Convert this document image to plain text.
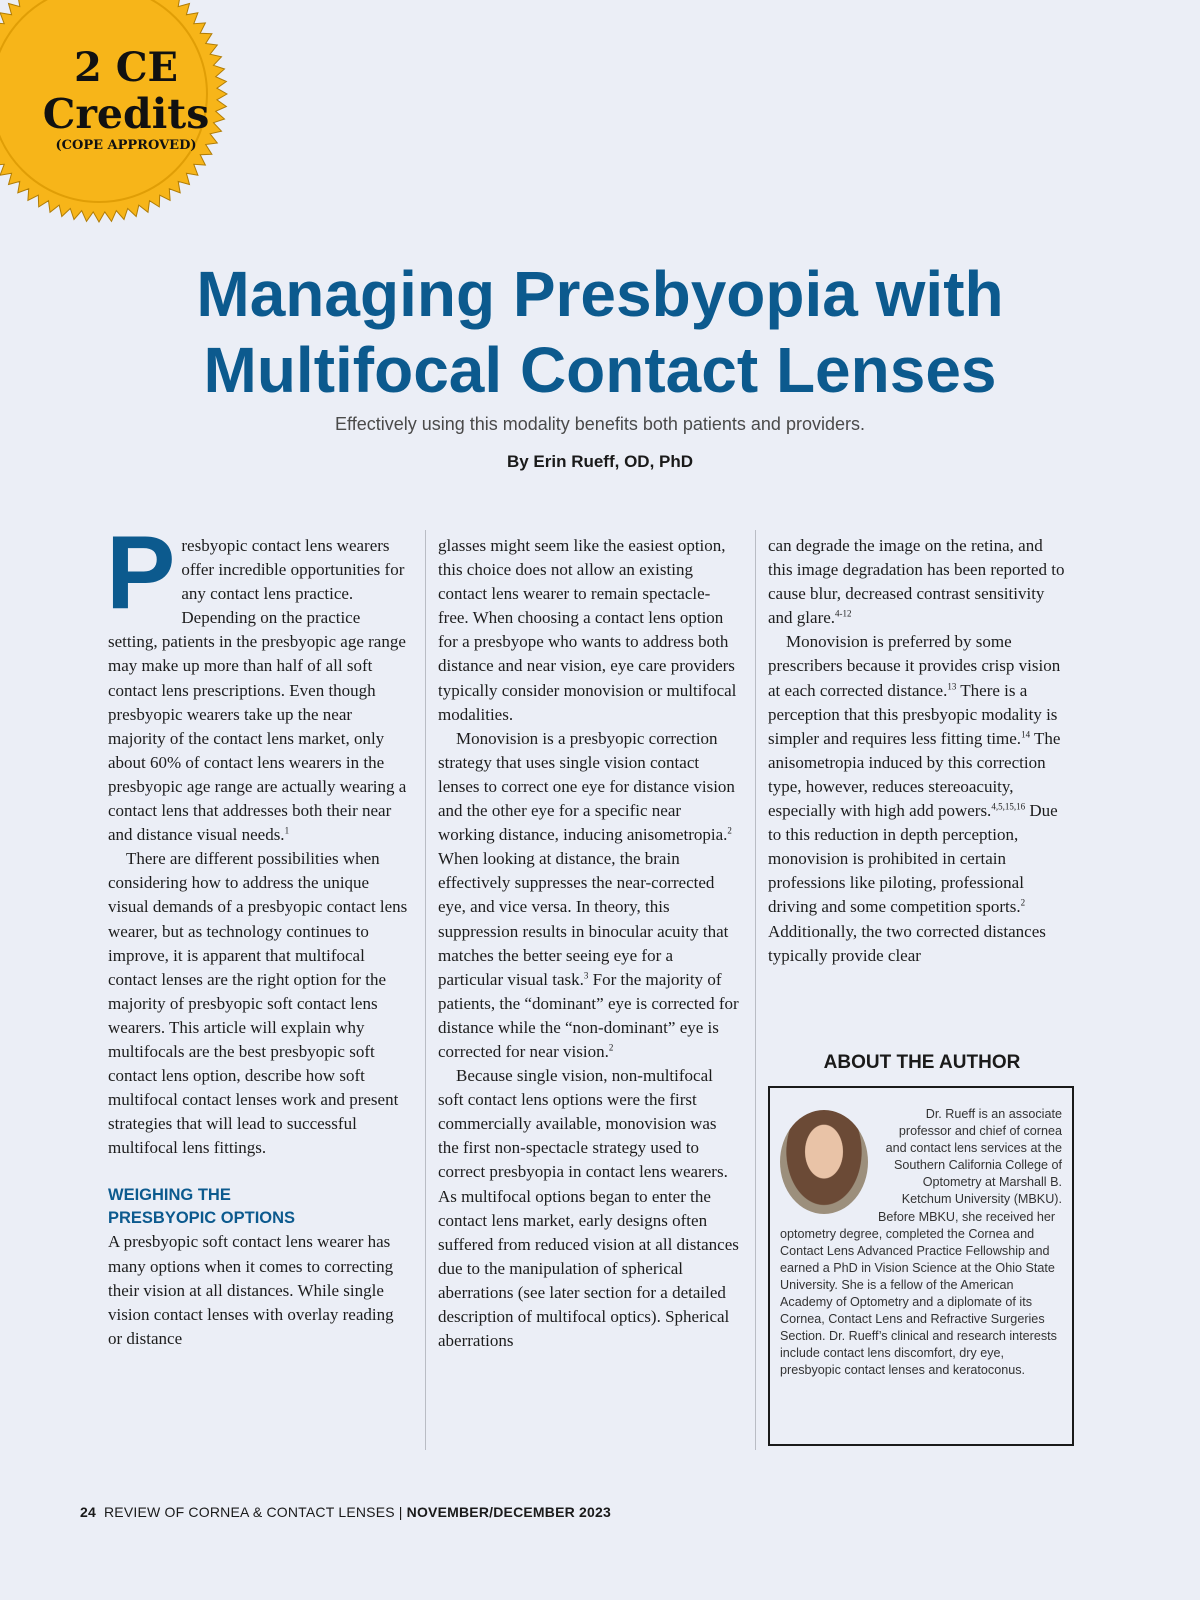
2 CE
Credits
(COPE APPROVED)
Managing Presbyopia with
Multifocal Contact Lenses
Effectively using this modality benefits both patients and providers.
By Erin Rueff, OD, PhD

Presbyopic contact lens wearers offer incredible opportunities for any contact lens practice. Depending on the practice setting, patients in the presbyopic age range may make up more than half of all soft contact lens prescriptions. Even though presbyopic wearers take up the near majority of the contact lens market, only about 60% of contact lens wearers in the presbyopic age range are actually wearing a contact lens that addresses both their near and distance visual needs.$^1$

There are different possibilities when considering how to address the unique visual demands of a presbyopic contact lens wearer, but as technology continues to improve, it is apparent that multifocal contact lenses are the right option for the majority of presbyopic soft contact lens wearers. This article will explain why multifocals are the best presbyopic soft contact lens option, describe how soft multifocal contact lenses work and present strategies that will lead to successful multifocal lens fittings.

WEIGHING THE
PRESBYOPIC OPTIONS

A presbyopic soft contact lens wearer has many options when it comes to correcting their vision at all distances. While single vision contact lenses with overlay reading or distance

glasses might seem like the easiest option, this choice does not allow an existing contact lens wearer to remain spectacle-free. When choosing a contact lens option for a presbyope who wants to address both distance and near vision, eye care providers typically consider monovision or multifocal modalities.

Monovision is a presbyopic correction strategy that uses single vision contact lenses to correct one eye for distance vision and the other eye for a specific near working distance, inducing anisometropia.$^2$ When looking at distance, the brain effectively suppresses the near-corrected eye, and vice versa. In theory, this suppression results in binocular acuity that matches the better seeing eye for a particular visual task.$^3$ For the majority of patients, the “dominant” eye is corrected for distance while the “non-dominant” eye is corrected for near vision.$^2$

Because single vision, non-multifocal soft contact lens options were the first commercially available, monovision was the first non-spectacle strategy used to correct presbyopia in contact lens wearers. As multifocal options began to enter the contact lens market, early designs often suffered from reduced vision at all distances due to the manipulation of spherical aberrations (see later section for a detailed description of multifocal optics). Spherical aberrations

can degrade the image on the retina, and this image degradation has been reported to cause blur, decreased contrast sensitivity and glare.$^{4-12}$

Monovision is preferred by some prescribers because it provides crisp vision at each corrected distance.$^{13}$ There is a perception that this presbyopic modality is simpler and requires less fitting time.$^{14}$ The anisometropia induced by this correction type, however, reduces stereoacuity, especially with high add powers.$^{4,5,15,16}$ Due to this reduction in depth perception, monovision is prohibited in certain professions like piloting, professional driving and some competition sports.$^2$ Additionally, the two corrected distances typically provide clear

ABOUT THE AUTHOR
Dr. Rueff is an associate professor and chief of cornea and contact lens services at the Southern California College of Optometry at Marshall B. Ketchum University (MBKU).
Before MBKU, she received her optometry degree, completed the Cornea and Contact Lens Advanced Practice Fellowship and earned a PhD in Vision Science at the Ohio State University. She is a fellow of the American Academy of Optometry and a diplomate of its Cornea, Contact Lens and Refractive Surgeries Section. Dr. Rueff’s clinical and research interests include contact lens discomfort, dry eye, presbyopic contact lenses and keratoconus.
24 REVIEW OF CORNEA & CONTACT LENSES | NOVEMBER/DECEMBER 2023
